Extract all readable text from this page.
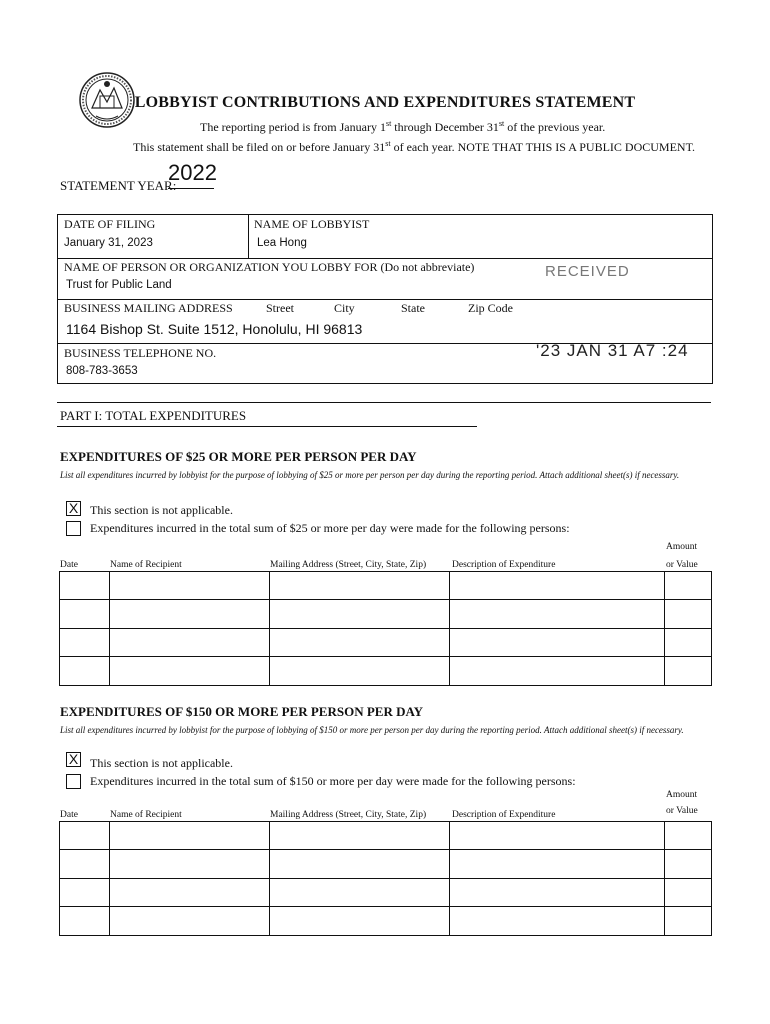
LOBBYIST CONTRIBUTIONS AND EXPENDITURES STATEMENT
The reporting period is from January 1st through December 31st of the previous year.
This statement shall be filed on or before January 31st of each year. NOTE THAT THIS IS A PUBLIC DOCUMENT.
STATEMENT YEAR:
2022
DATE OF FILING
January 31, 2023
NAME OF LOBBYIST
Lea Hong
NAME OF PERSON OR ORGANIZATION YOU LOBBY FOR (Do not abbreviate)
Trust for Public Land
BUSINESS MAILING ADDRESS	Street	City	State	Zip Code
1164 Bishop St. Suite 1512, Honolulu, HI 96813
BUSINESS TELEPHONE NO.
808-783-3653
RECEIVED
'23 JAN 31 A7 :24
PART I: TOTAL EXPENDITURES
EXPENDITURES OF $25 OR MORE PER PERSON PER DAY
List all expenditures incurred by lobbyist for the purpose of lobbying of $25 or more per person per day during the reporting period. Attach additional sheet(s) if necessary.
X This section is not applicable.
Expenditures incurred in the total sum of $25 or more per day were made for the following persons:
Date	Name of Recipient	Mailing Address (Street, City, State, Zip)	Description of Expenditure
Amount
or Value

EXPENDITURES OF $150 OR MORE PER PERSON PER DAY
List all expenditures incurred by lobbyist for the purpose of lobbying of $150 or more per person per day during the reporting period. Attach additional sheet(s) if necessary.
X This section is not applicable.
Expenditures incurred in the total sum of $150 or more per day were made for the following persons:
Date	Name of Recipient	Mailing Address (Street, City, State, Zip)	Description of Expenditure
Amount
or Value
